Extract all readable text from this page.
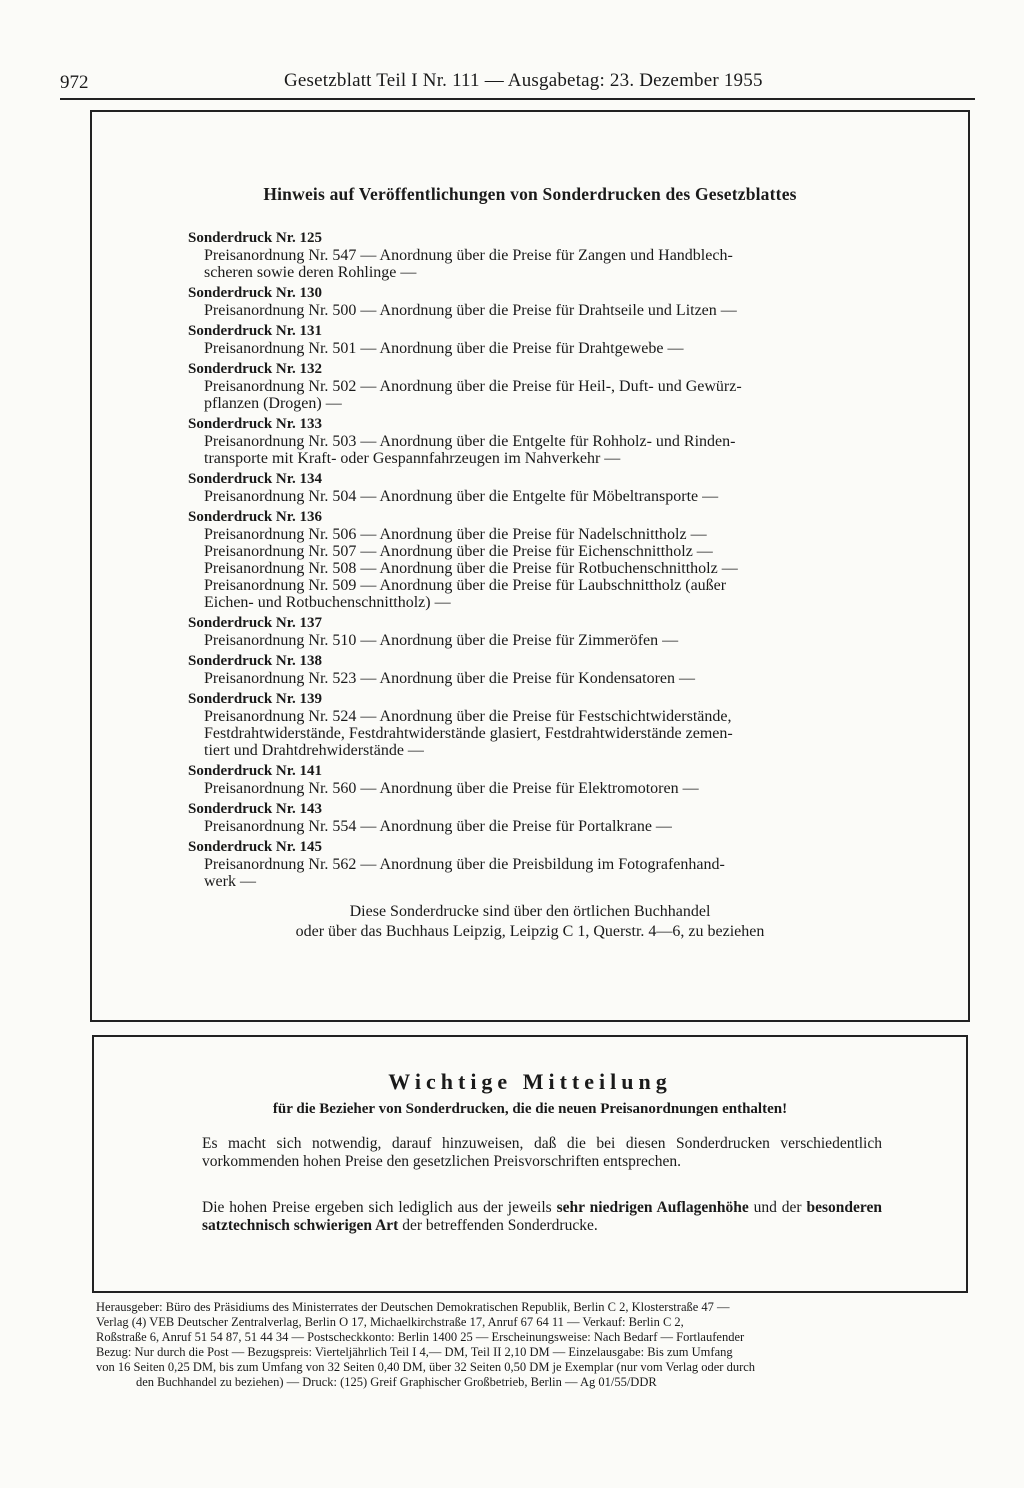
972	Gesetzblatt Teil I Nr. 111 — Ausgabetag: 23. Dezember 1955
Hinweis auf Veröffentlichungen von Sonderdrucken des Gesetzblattes
Sonderdruck Nr. 125
Preisanordnung Nr. 547 — Anordnung über die Preise für Zangen und Handblech-
scheren sowie deren Rohlinge —
Sonderdruck Nr. 130
Preisanordnung Nr. 500 — Anordnung über die Preise für Drahtseile und Litzen —
Sonderdruck Nr. 131
Preisanordnung Nr. 501 — Anordnung über die Preise für Drahtgewebe —
Sonderdruck Nr. 132
Preisanordnung Nr. 502 — Anordnung über die Preise für Heil-, Duft- und Gewürz-
pflanzen (Drogen) —
Sonderdruck Nr. 133
Preisanordnung Nr. 503 — Anordnung über die Entgelte für Rohholz- und Rinden-
transporte mit Kraft- oder Gespannfahrzeugen im Nahverkehr —
Sonderdruck Nr. 134
Preisanordnung Nr. 504 — Anordnung über die Entgelte für Möbeltransporte —
Sonderdruck Nr. 136
Preisanordnung Nr. 506 — Anordnung über die Preise für Nadelschnittholz —
Preisanordnung Nr. 507 — Anordnung über die Preise für Eichenschnittholz —
Preisanordnung Nr. 508 — Anordnung über die Preise für Rotbuchenschnittholz —
Preisanordnung Nr. 509 — Anordnung über die Preise für Laubschnittholz (außer
Eichen- und Rotbuchenschnittholz) —
Sonderdruck Nr. 137
Preisanordnung Nr. 510 — Anordnung über die Preise für Zimmeröfen —
Sonderdruck Nr. 138
Preisanordnung Nr. 523 — Anordnung über die Preise für Kondensatoren —
Sonderdruck Nr. 139
Preisanordnung Nr. 524 — Anordnung über die Preise für Festschichtwiderstände,
Festdrahtwiderstände, Festdrahtwiderstände glasiert, Festdrahtwiderstände zemen-
tiert und Drahtdrehwiderstände —
Sonderdruck Nr. 141
Preisanordnung Nr. 560 — Anordnung über die Preise für Elektromotoren —
Sonderdruck Nr. 143
Preisanordnung Nr. 554 — Anordnung über die Preise für Portalkrane —
Sonderdruck Nr. 145
Preisanordnung Nr. 562 — Anordnung über die Preisbildung im Fotografenhand-
werk —
Diese Sonderdrucke sind über den örtlichen Buchhandel
oder über das Buchhaus Leipzig, Leipzig C 1, Querstr. 4—6, zu beziehen
Wichtige Mitteilung
für die Bezieher von Sonderdrucken, die die neuen Preisanordnungen enthalten!
Es macht sich notwendig, darauf hinzuweisen, daß die bei diesen Sonderdrucken verschiedentlich vorkommenden hohen Preise den gesetzlichen Preisvorschriften entsprechen.
Die hohen Preise ergeben sich lediglich aus der jeweils sehr niedrigen Auflagenhöhe und der besonderen satztechnisch schwierigen Art der betreffenden Sonderdrucke.
Herausgeber: Büro des Präsidiums des Ministerrates der Deutschen Demokratischen Republik, Berlin C 2, Klosterstraße 47 —
Verlag (4) VEB Deutscher Zentralverlag, Berlin O 17, Michaelkirchstraße 17, Anruf 67 64 11 — Verkauf: Berlin C 2,
Roßstraße 6, Anruf 51 54 87, 51 44 34 — Postscheckkonto: Berlin 1400 25 — Erscheinungsweise: Nach Bedarf — Fortlaufender
Bezug: Nur durch die Post — Bezugspreis: Vierteljährlich Teil I 4,— DM, Teil II 2,10 DM — Einzelausgabe: Bis zum Umfang
von 16 Seiten 0,25 DM, bis zum Umfang von 32 Seiten 0,40 DM, über 32 Seiten 0,50 DM je Exemplar (nur vom Verlag oder durch
den Buchhandel zu beziehen) — Druck: (125) Greif Graphischer Großbetrieb, Berlin — Ag 01/55/DDR
